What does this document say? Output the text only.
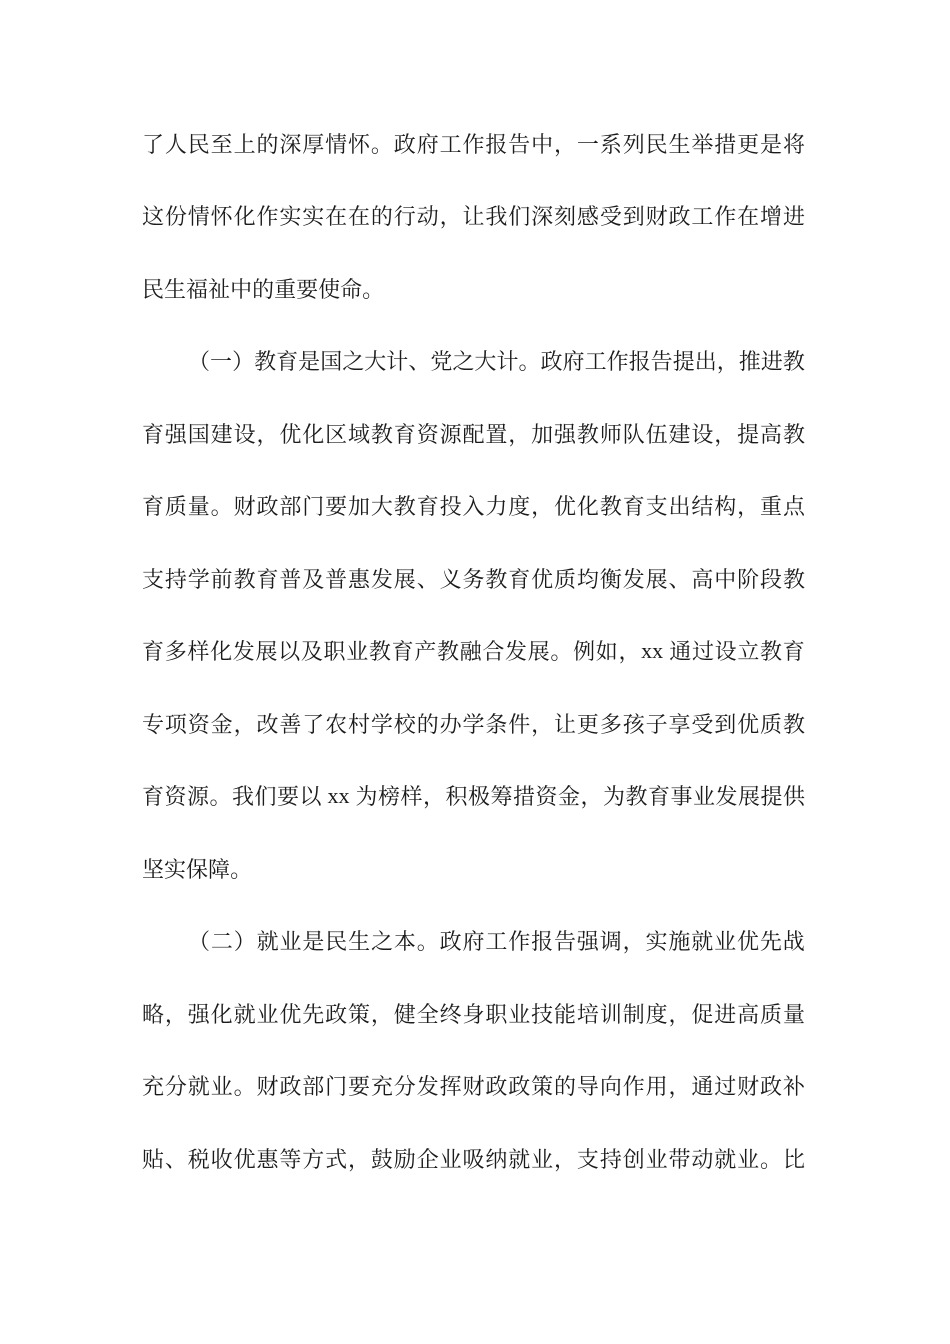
了 人 民 至 上 的 深 厚 情 怀 。 政 府 工 作 报 告 中 ， 一 系 列 民 生 举 措 更 是 将
这 份 情 怀 化 作 实 实 在 在 的 行 动 ， 让 我 们 深 刻 感 受 到 财 政 工 作 在 增 进
民 生 福 祉 中 的 重 要 使 命 。
（ 一 ） 教 育 是 国 之 大 计 、 党 之 大 计 。 政 府 工 作 报 告 提 出 ， 推 进 教
育 强 国 建 设 ， 优 化 区 域 教 育 资 源 配 置 ， 加 强 教 师 队 伍 建 设 ， 提 高 教
育 质 量 。 财 政 部 门 要 加 大 教 育 投 入 力 度 ， 优 化 教 育 支 出 结 构 ， 重 点
支 持 学 前 教 育 普 及 普 惠 发 展 、 义 务 教 育 优 质 均 衡 发 展 、 高 中 阶 段 教
育 多 样 化 发 展 以 及 职 业 教 育 产 教 融 合 发 展 。 例 如 ， xx 通 过 设 立 教 育
专 项 资 金 ， 改 善 了 农 村 学 校 的 办 学 条 件 ， 让 更 多 孩 子 享 受 到 优 质 教
育 资 源 。 我 们 要 以 xx 为 榜 样 ， 积 极 筹 措 资 金 ， 为 教 育 事 业 发 展 提 供
坚 实 保 障 。
（ 二 ） 就 业 是 民 生 之 本 。 政 府 工 作 报 告 强 调 ， 实 施 就 业 优 先 战
略 ， 强 化 就 业 优 先 政 策 ， 健 全 终 身 职 业 技 能 培 训 制 度 ， 促 进 高 质 量
充 分 就 业 。 财 政 部 门 要 充 分 发 挥 财 政 政 策 的 导 向 作 用 ， 通 过 财 政 补
贴 、 税 收 优 惠 等 方 式 ， 鼓 励 企 业 吸 纳 就 业 ， 支 持 创 业 带 动 就 业 。 比
